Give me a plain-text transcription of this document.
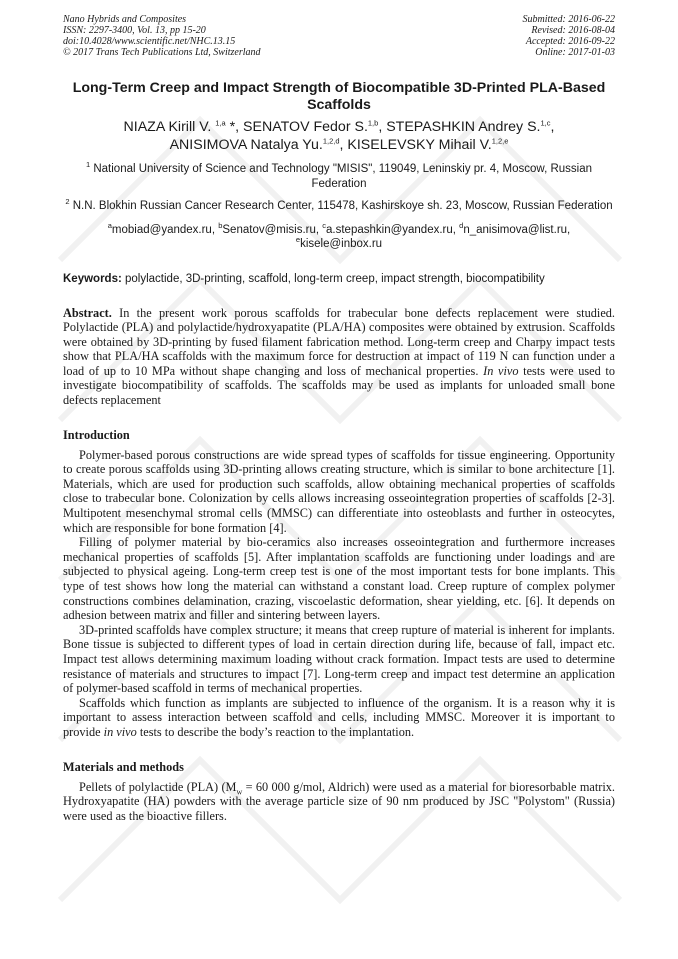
Nano Hybrids and Composites
ISSN: 2297-3400, Vol. 13, pp 15-20
doi:10.4028/www.scientific.net/NHC.13.15
© 2017 Trans Tech Publications Ltd, Switzerland
Submitted: 2016-06-22
Revised: 2016-08-04
Accepted: 2016-09-22
Online: 2017-01-03
Long-Term Creep and Impact Strength of Biocompatible 3D-Printed PLA-Based Scaffolds
NIAZA Kirill V. $^{1,a}$ *, SENATOV Fedor S.$^{1,b}$, STEPASHKIN Andrey S.$^{1,c}$,
ANISIMOVA Natalya Yu.$^{1,2,d}$, KISELEVSKY Mihail V.$^{1,2,e}$
$^1$ National University of Science and Technology "MISIS", 119049, Leninskiy pr. 4, Moscow, Russian Federation
$^2$ N.N. Blokhin Russian Cancer Research Center, 115478, Kashirskoye sh. 23, Moscow, Russian Federation
$^a$mobiad@yandex.ru, $^b$Senatov@misis.ru, $^c$a.stepashkin@yandex.ru, $^d$n_anisimova@list.ru,
$^e$kisele@inbox.ru
Keywords: polylactide, 3D-printing, scaffold, long-term creep, impact strength, biocompatibility
Abstract. In the present work porous scaffolds for trabecular bone defects replacement were studied. Polylactide (PLA) and polylactide/hydroxyapatite (PLA/HA) composites were obtained by extrusion. Scaffolds were obtained by 3D-printing by fused filament fabrication method. Long-term creep and Charpy impact tests show that PLA/HA scaffolds with the maximum force for destruction at impact of 119 N can function under a load of up to 10 MPa without shape changing and loss of mechanical properties. In vivo tests were used to investigate biocompatibility of scaffolds. The scaffolds may be used as implants for unloaded small bone defects replacement
Introduction

Polymer-based porous constructions are wide spread types of scaffolds for tissue engineering. Opportunity to create porous scaffolds using 3D-printing allows creating structure, which is similar to bone architecture [1]. Materials, which are used for production such scaffolds, allow obtaining mechanical properties of scaffolds close to trabecular bone. Colonization by cells allows increasing osseointegration properties of scaffolds [2-3]. Multipotent mesenchymal stromal cells (MMSC) can differentiate into osteoblasts and further in osteocytes, which are responsible for bone formation [4].

Filling of polymer material by bio-ceramics also increases osseointegration and furthermore increases mechanical properties of scaffolds [5]. After implantation scaffolds are functioning under loadings and are subjected to physical ageing. Long-term creep test is one of the most important tests for bone implants. This type of test shows how long the material can withstand a constant load. Creep rupture of complex polymer constructions combines delamination, crazing, viscoelastic deformation, shear yielding, etc. [6]. It depends on adhesion between matrix and filler and sintering between layers.

3D-printed scaffolds have complex structure; it means that creep rupture of material is inherent for implants. Bone tissue is subjected to different types of load in certain direction during life, because of fall, impact etc. Impact test allows determining maximum loading without crack formation. Impact tests are used to determine resistance of materials and structures to impact [7]. Long-term creep and impact test determine an application of polymer-based scaffold in terms of mechanical properties.

Scaffolds which function as implants are subjected to influence of the organism. It is a reason why it is important to assess interaction between scaffold and cells, including MMSC. Moreover it is important to provide in vivo tests to describe the body’s reaction to the implantation.

Materials and methods

Pellets of polylactide (PLA) ($M_w = 60$ 000 g/mol, Aldrich) were used as a material for bioresorbable matrix. Hydroxyapatite (HA) powders with the average particle size of 90 nm produced by JSC "Polystom" (Russia) were used as the bioactive fillers.
